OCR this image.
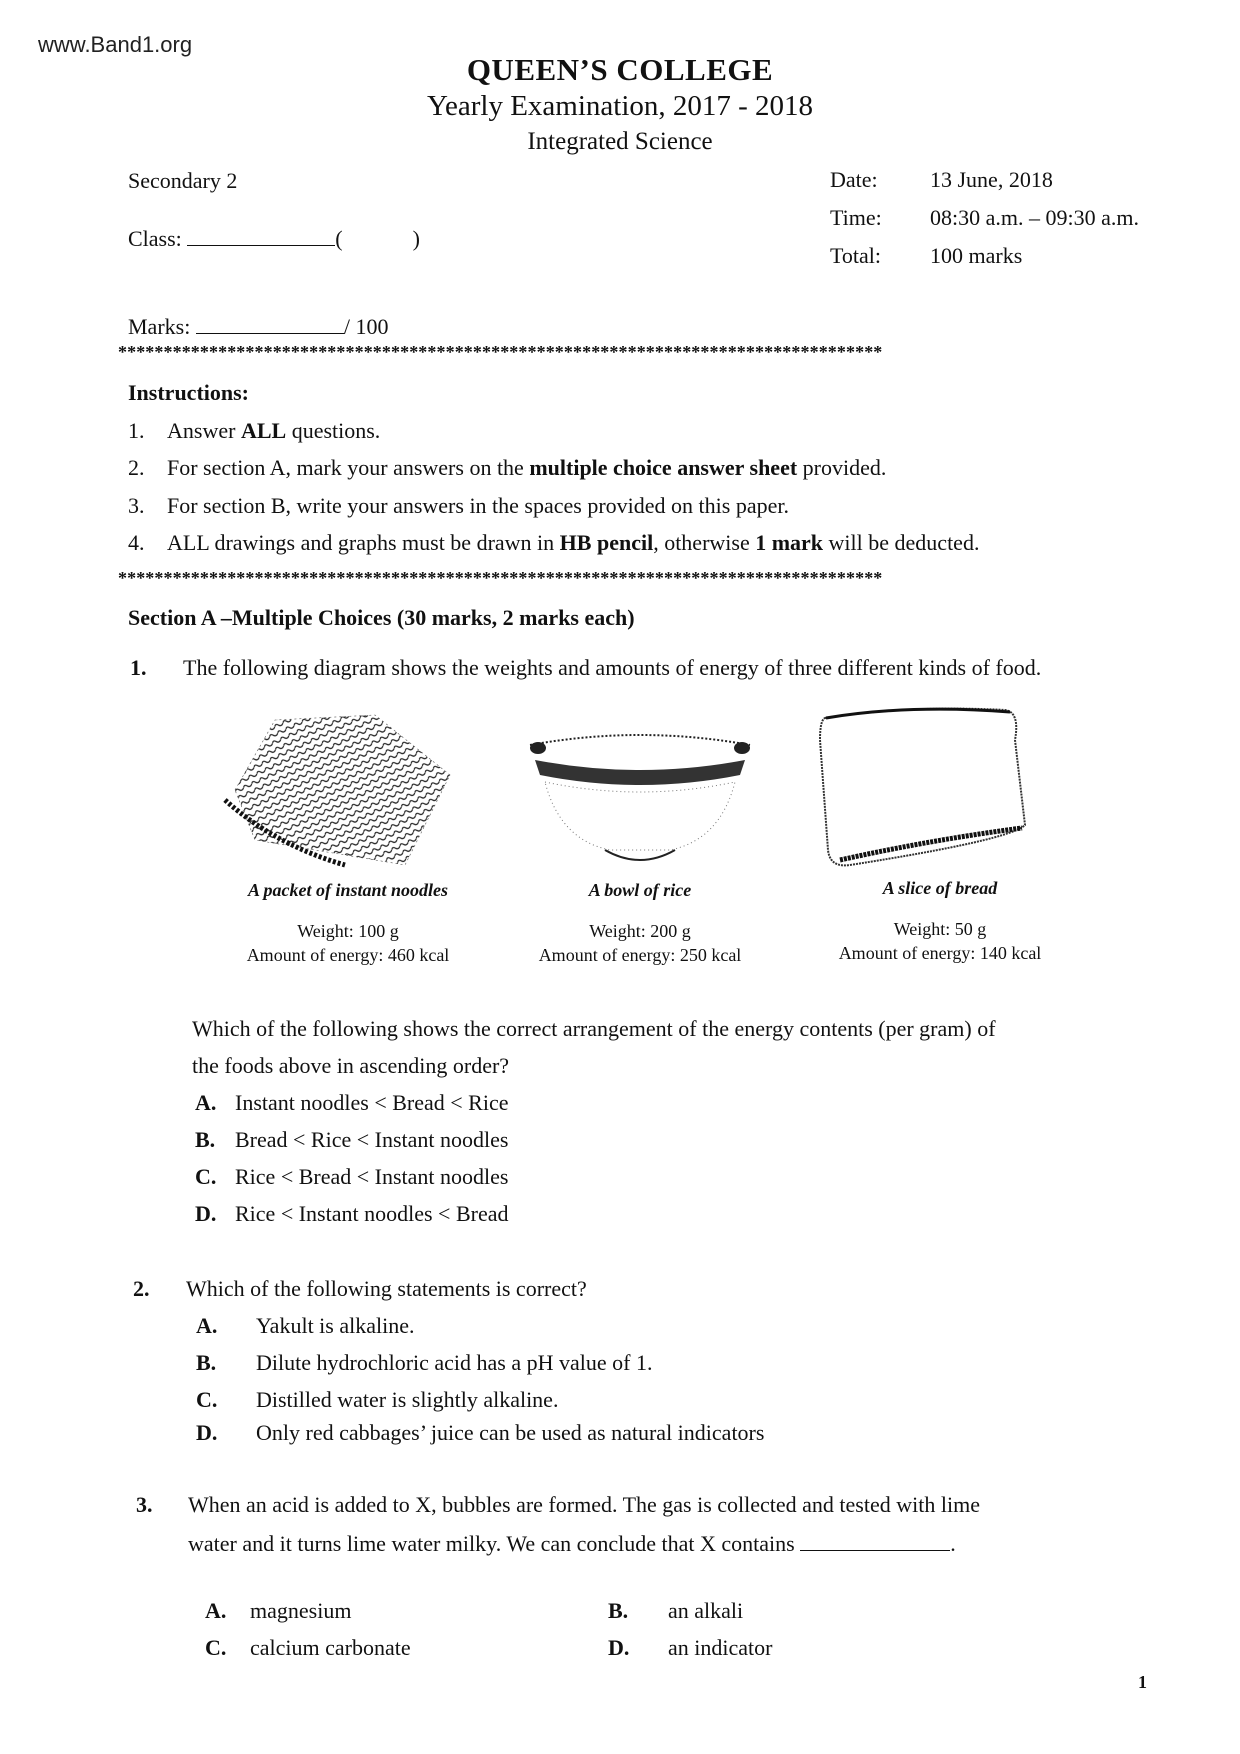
www.Band1.org
QUEEN’S COLLEGE
Yearly Examination, 2017 - 2018
Integrated Science
Secondary 2
Class:	(	)
Marks:	/ 100
Date: 13 June, 2018
Time: 08:30 a.m. – 09:30 a.m.
Total: 100 marks
************************************************************************************
Instructions:
1. Answer ALL questions.
2. For section A, mark your answers on the multiple choice answer sheet provided.
3. For section B, write your answers in the spaces provided on this paper.
4. ALL drawings and graphs must be drawn in HB pencil, otherwise 1 mark will be deducted.
************************************************************************************
Section A –Multiple Choices (30 marks, 2 marks each)
1. The following diagram shows the weights and amounts of energy of three different kinds of food.
A packet of instant noodles
Weight: 100 g
Amount of energy: 460 kcal
A bowl of rice
Weight: 200 g
Amount of energy: 250 kcal
A slice of bread
Weight: 50 g
Amount of energy: 140 kcal
Which of the following shows the correct arrangement of the energy contents (per gram) of
the foods above in ascending order?
A. Instant noodles < Bread < Rice
B. Bread < Rice < Instant noodles
C. Rice < Bread < Instant noodles
D. Rice < Instant noodles < Bread
2. Which of the following statements is correct?
A. Yakult is alkaline.
B. Dilute hydrochloric acid has a pH value of 1.
C. Distilled water is slightly alkaline.
D. Only red cabbages’ juice can be used as natural indicators
3. When an acid is added to X, bubbles are formed. The gas is collected and tested with lime
water and it turns lime water milky. We can conclude that X contains	.
A. magnesium	B. an alkali
C. calcium carbonate	D. an indicator
1
